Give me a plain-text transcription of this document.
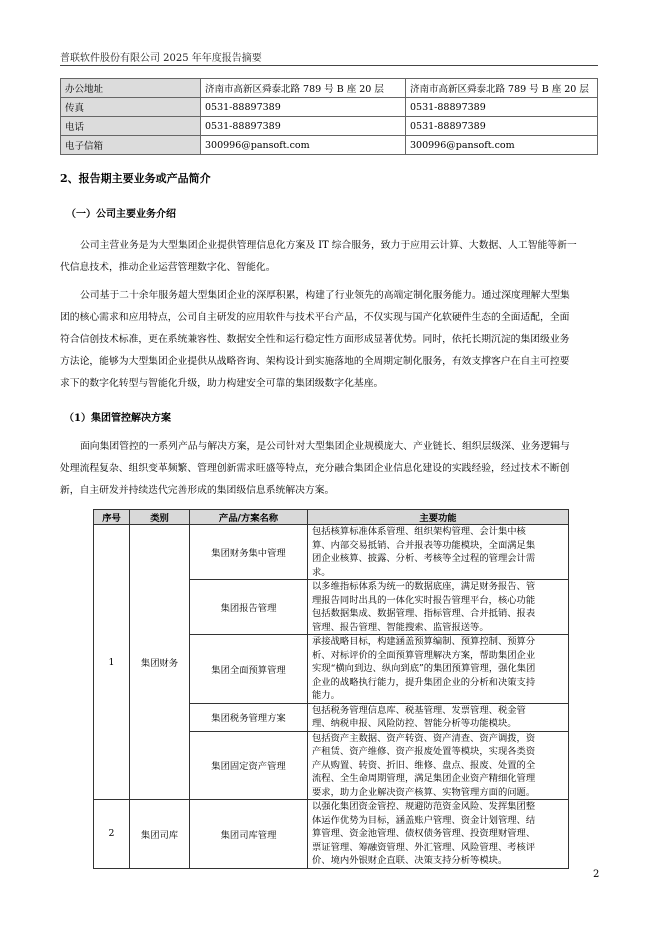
普联软件股份有限公司 2025 年年度报告摘要
办公地址	济南市高新区舜泰北路 789 号 B 座 20 层	济南市高新区舜泰北路 789 号 B 座 20 层
传真	0531-88897389	0531-88897389
电话	0531-88897389	0531-88897389
电子信箱	300996@pansoft.com	300996@pansoft.com
2、报告期主要业务或产品简介
（一）公司主要业务介绍

公司主营业务是为大型集团企业提供管理信息化方案及 IT 综合服务，致力于应用云计算、大数据、人工智能等新一
代信息技术，推动企业运营管理数字化、智能化。

公司基于二十余年服务超大型集团企业的深厚积累，构建了行业领先的高端定制化服务能力。通过深度理解大型集
团的核心需求和应用特点，公司自主研发的应用软件与技术平台产品，不仅实现与国产化软硬件生态的全面适配，全面
符合信创技术标准，更在系统兼容性、数据安全性和运行稳定性方面形成显著优势。同时，依托长期沉淀的集团级业务
方法论，能够为大型集团企业提供从战略咨询、架构设计到实施落地的全周期定制化服务，有效支撑客户在自主可控要
求下的数字化转型与智能化升级，助力构建安全可靠的集团级数字化基座。

（1）集团管控解决方案

面向集团管控的一系列产品与解决方案，是公司针对大型集团企业规模庞大、产业链长、组织层级深、业务逻辑与
处理流程复杂、组织变革频繁、管理创新需求旺盛等特点，充分融合集团企业信息化建设的实践经验，经过技术不断创
新，自主研发并持续迭代完善形成的集团级信息系统解决方案。

序号	类别	产品/方案名称	主要功能
1	集团财务	集团财务集中管理	包括核算标准体系管理、组织架构管理、会计集中核
算、内部交易抵销、合并报表等功能模块，全面满足集
团企业核算、披露、分析、考核等全过程的管理会计需
求。

		集团报告管理	以多维指标体系为统一的数据底座，满足财务报告、管
理报告同时出具的一体化实时报告管理平台，核心功能
包括数据集成、数据管理、指标管理、合并抵销、报表
管理、报告管理、智能搜索、监管报送等。

		集团全面预算管理	承接战略目标，构建涵盖预算编制、预算控制、预算分
析、对标评价的全面预算管理解决方案，帮助集团企业
实现“横向到边、纵向到底”的集团预算管理，强化集团
企业的战略执行能力，提升集团企业的分析和决策支持
能力。

		集团税务管理方案	包括税务管理信息库、税基管理、发票管理、税金管
理、纳税申报、风险防控、智能分析等功能模块。

		集团固定资产管理	包括资产主数据、资产转资、资产清查、资产调拨，资
产租赁、资产维修、资产报废处置等模块，实现各类资
产从购置、转资、折旧、维修、盘点、报废、处置的全
流程、全生命周期管理，满足集团企业资产精细化管理
要求，助力企业解决资产核算、实物管理方面的问题。

2	集团司库	集团司库管理	以强化集团资金管控、规避防范资金风险、发挥集团整
体运作优势为目标，涵盖账户管理、资金计划管理、结
算管理、资金池管理、债权债务管理、投资理财管理、
票证管理、筹融资管理、外汇管理、风险管理、考核评
价、境内外银财企直联、决策支持分析等模块。
2
